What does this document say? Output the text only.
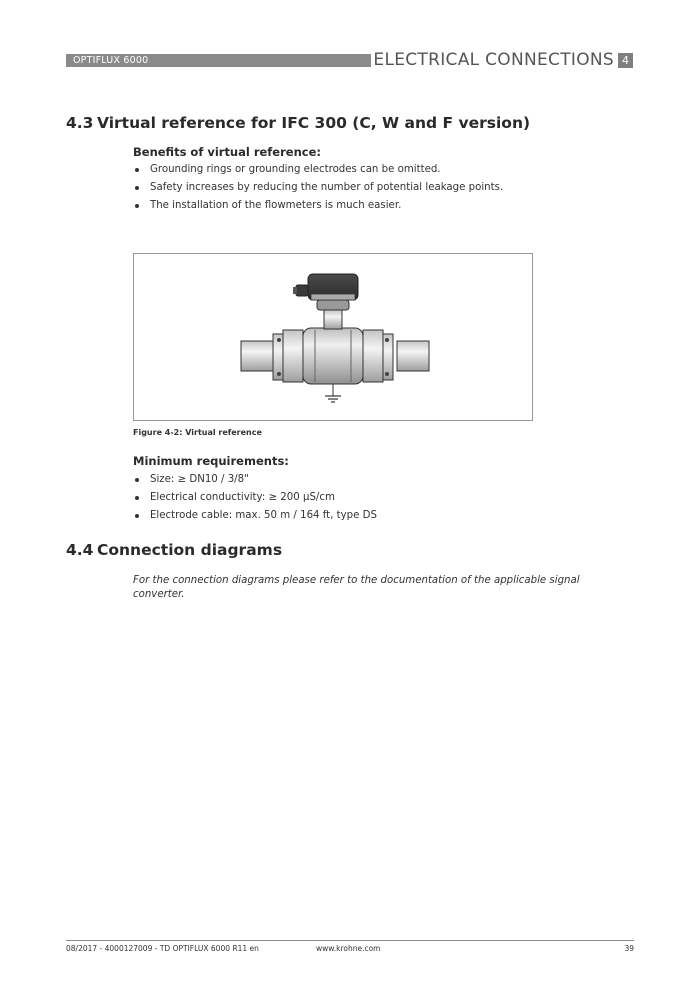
OPTIFLUX 6000	ELECTRICAL CONNECTIONS 4
4.3 Virtual reference for IFC 300 (C, W and F version)
Benefits of virtual reference:
Grounding rings or grounding electrodes can be omitted.
Safety increases by reducing the number of potential leakage points.
The installation of the flowmeters is much easier.
Figure 4-2: Virtual reference
Minimum requirements:
Size: ≥ DN10 / 3/8"
Electrical conductivity: ≥ 200 µS/cm
Electrode cable: max. 50 m / 164 ft, type DS
4.4 Connection diagrams
For the connection diagrams please refer to the documentation of the applicable signal converter.
08/2017 - 4000127009 - TD OPTIFLUX 6000 R11 en	www.krohne.com	39
